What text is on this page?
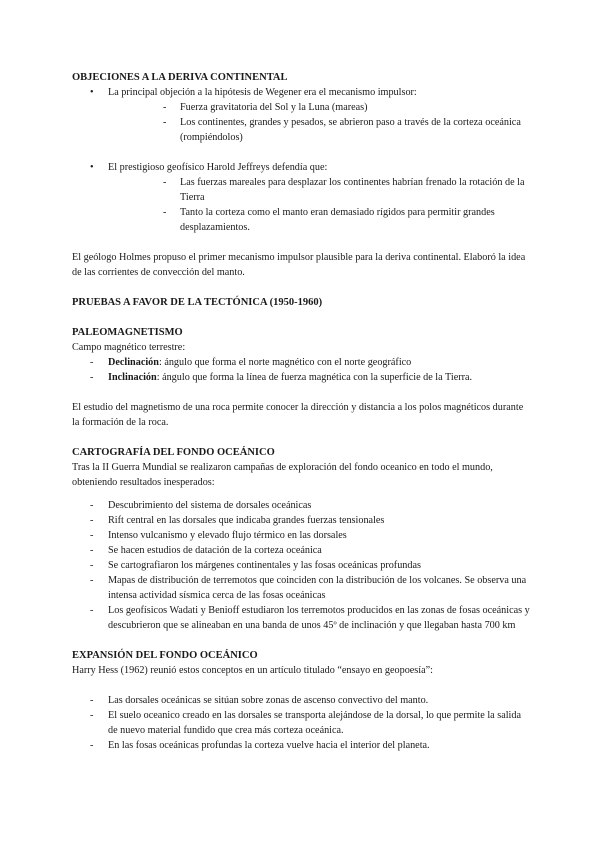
OBJECIONES A LA DERIVA CONTINENTAL
• La principal objeción a la hipótesis de Wegener era el mecanismo impulsor:
- Fuerza gravitatoria del Sol y la Luna (mareas)
- Los continentes, grandes y pesados, se abrieron paso a través de la corteza oceánica (rompiéndolos)
• El prestigioso geofísico Harold Jeffreys defendía que:
- Las fuerzas mareales para desplazar los continentes habrían frenado la rotación de la Tierra
- Tanto la corteza como el manto eran demasiado rígidos para permitir grandes desplazamientos.

El geólogo Holmes propuso el primer mecanismo impulsor plausible para la deriva continental. Elaboró la idea de las corrientes de convección del manto.

PRUEBAS A FAVOR DE LA TECTÓNICA (1950-1960)
PALEOMAGNETISMO

Campo magnético terrestre:

- Declinación: ángulo que forma el norte magnético con el norte geográfico
- Inclinación: ángulo que forma la línea de fuerza magnética con la superficie de la Tierra.

El estudio del magnetismo de una roca permite conocer la dirección y distancia a los polos magnéticos durante la formación de la roca.

CARTOGRAFÍA DEL FONDO OCEÁNICO

Tras la II Guerra Mundial se realizaron campañas de exploración del fondo oceanico en todo el mundo, obteniendo resultados inesperados:

- Descubrimiento del sistema de dorsales oceánicas
- Rift central en las dorsales que indicaba grandes fuerzas tensionales
- Intenso vulcanismo y elevado flujo térmico en las dorsales
- Se hacen estudios de datación de la corteza oceánica
- Se cartografiaron los márgenes continentales y las fosas oceánicas profundas
- Mapas de distribución de terremotos que coinciden con la distribución de los volcanes. Se observa una intensa actividad sísmica cerca de las fosas oceánicas
- Los geofísicos Wadati y Benioff estudiaron los terremotos producidos en las zonas de fosas oceánicas y descubrieron que se alineaban en una banda de unos 45º de inclinación y que llegaban hasta 700 km
EXPANSIÓN DEL FONDO OCEÁNICO

Harry Hess (1962) reunió estos conceptos en un artículo titulado “ensayo en geopoesía”:

- Las dorsales oceánicas se sitúan sobre zonas de ascenso convectivo del manto.
- El suelo oceanico creado en las dorsales se transporta alejándose de la dorsal, lo que permite la salida de nuevo material fundido que crea más corteza oceánica.
- En las fosas oceánicas profundas la corteza vuelve hacia el interior del planeta.
